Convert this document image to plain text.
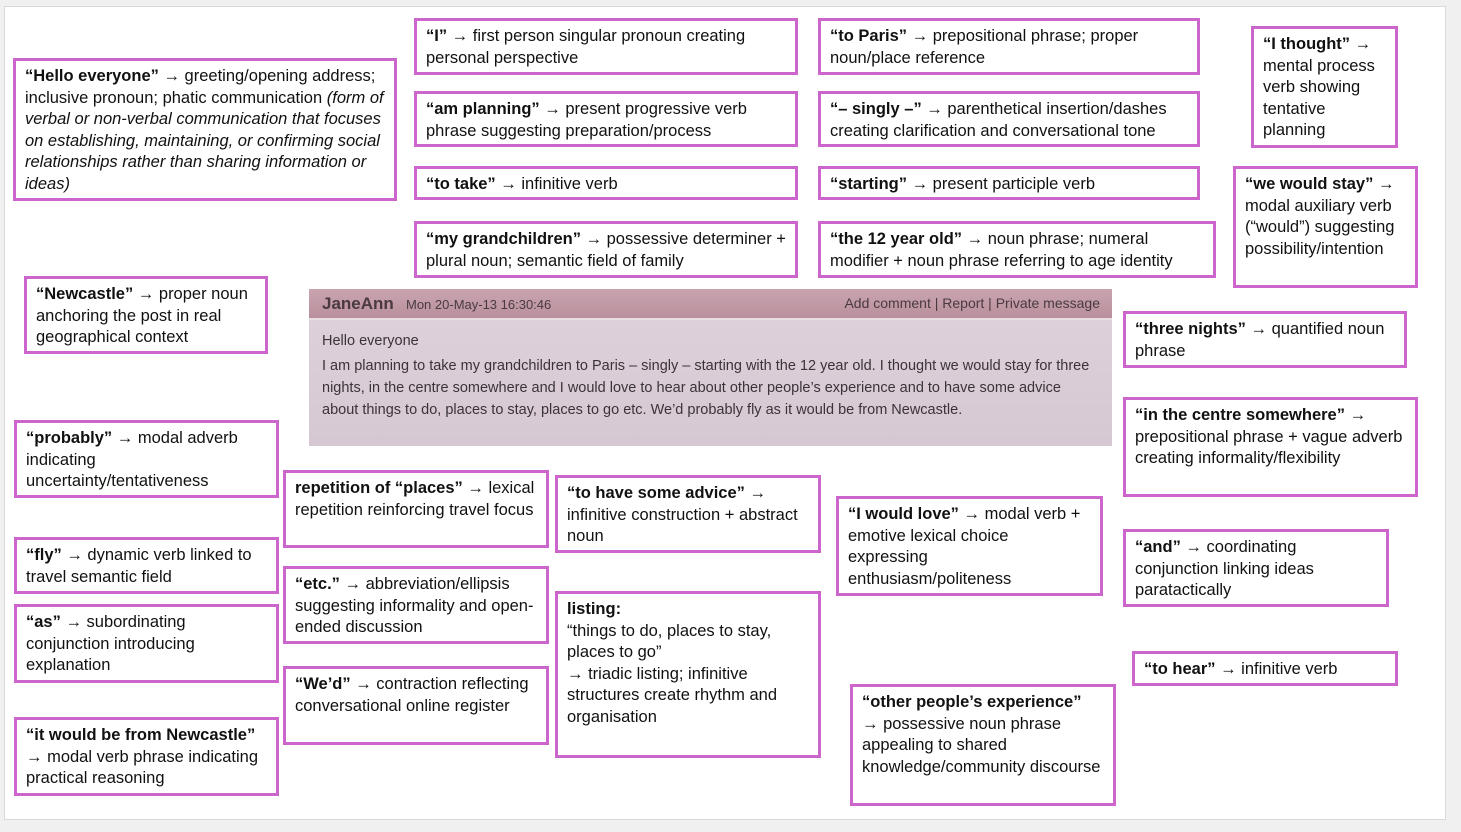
JaneAnn Mon 20-May-13 16:30:46	Add comment | Report | Private message
Hello everyone
I am planning to take my grandchildren to Paris – singly – starting with the 12 year old. I thought we would stay for three nights, in the centre somewhere and I would love to hear about other people’s experience and to have some advice about things to do, places to stay, places to go etc. We’d probably fly as it would be from Newcastle.
“Hello everyone” → greeting/opening address; inclusive pronoun; phatic communication (form of verbal or non-verbal communication that focuses on establishing, maintaining, or confirming social relationships rather than sharing information or ideas)
“I” → first person singular pronoun creating personal perspective
“am planning” → present progressive verb phrase suggesting preparation/process
“to take” → infinitive verb
“my grandchildren” → possessive determiner + plural noun; semantic field of family
“to Paris” → prepositional phrase; proper noun/place reference
“– singly –” → parenthetical insertion/dashes creating clarification and conversational tone
“starting” → present participle verb
“the 12 year old” → noun phrase; numeral modifier + noun phrase referring to age identity
“I thought” → mental process verb showing tentative planning
“we would stay” → modal auxiliary verb (“would”) suggesting possibility/intention
“Newcastle” → proper noun anchoring the post in real geographical context	“three nights” → quantified noun phrase
“in the centre somewhere” → prepositional phrase + vague adverb creating informality/flexibility
“probably” → modal adverb indicating uncertainty/tentativeness	repetition of “places” → lexical repetition reinforcing travel focus
“to have some advice” → infinitive construction + abstract noun
“I would love” → modal verb + emotive lexical choice expressing enthusiasm/politeness
“and” → coordinating conjunction linking ideas paratactically
“fly” → dynamic verb linked to travel semantic field	“etc.” → abbreviation/ellipsis suggesting informality and open-ended discussion
“as” → subordinating conjunction introducing explanation
listing:
“things to do, places to stay, places to go”
→ triadic listing; infinitive structures create rhythm and organisation
“We’d” → contraction reflecting conversational online register
“to hear” → infinitive verb
“other people’s experience”
→ possessive noun phrase appealing to shared knowledge/community discourse
“it would be from Newcastle”
→ modal verb phrase indicating practical reasoning
